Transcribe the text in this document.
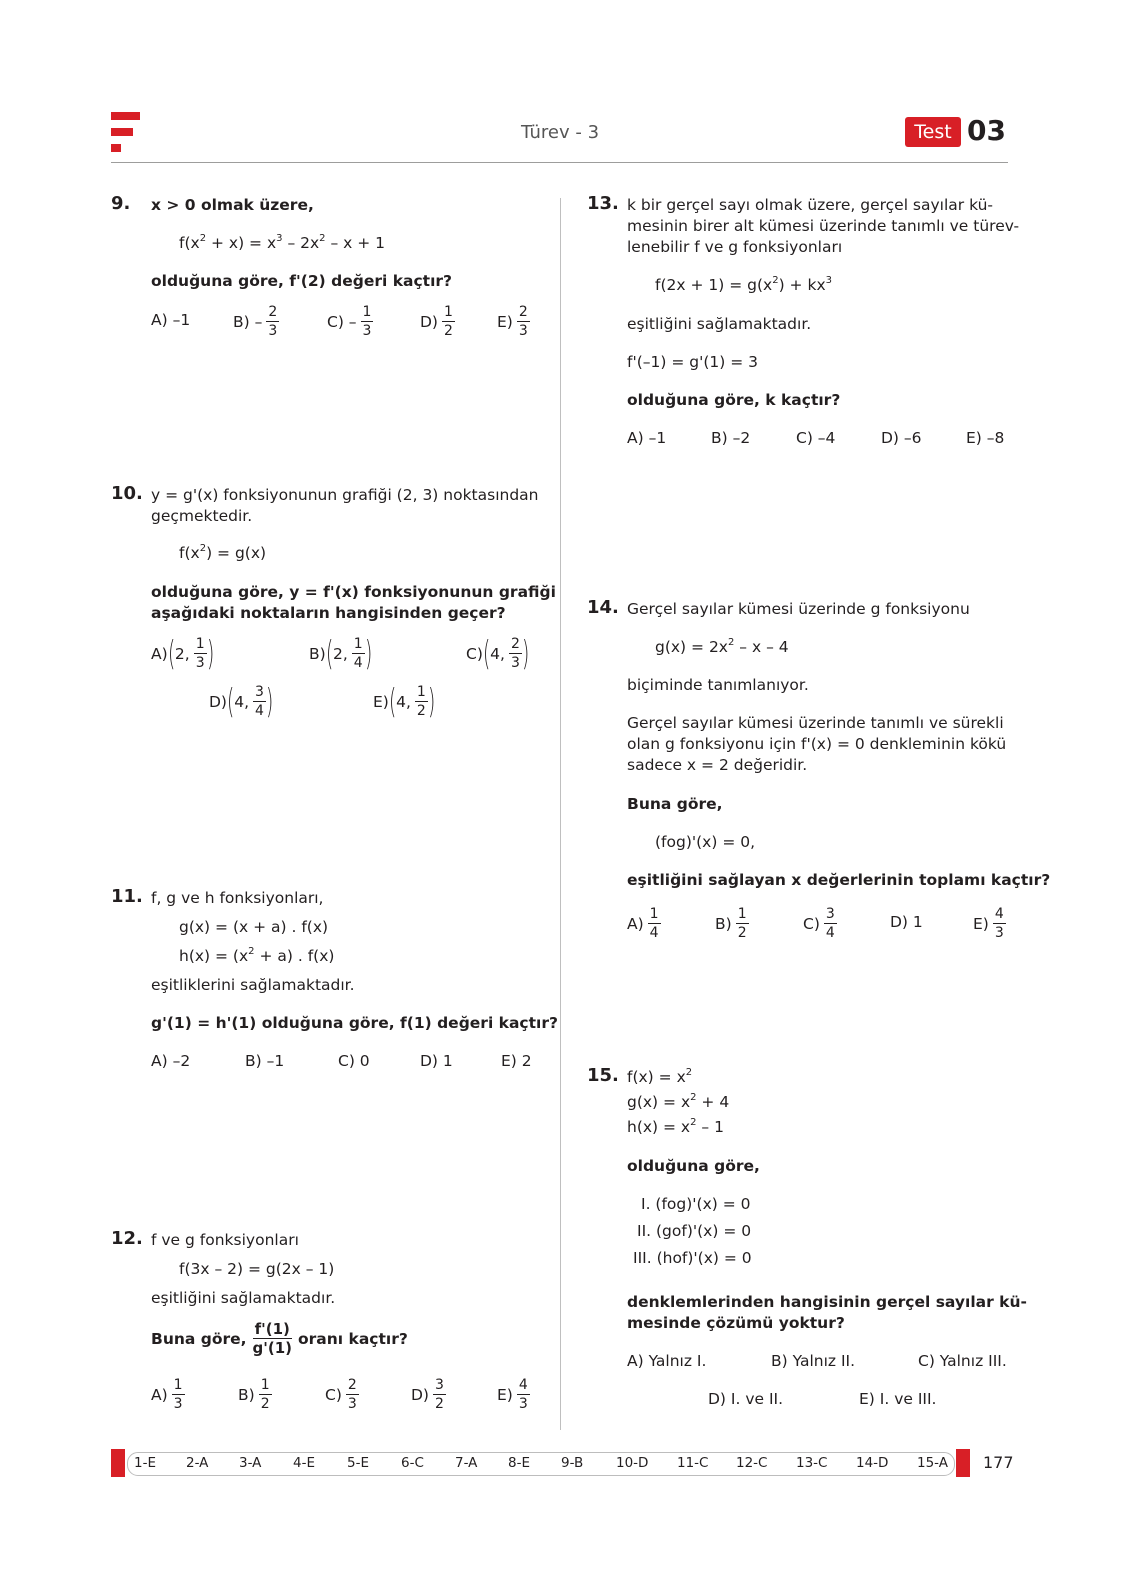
Türev - 3	Test 03
9. x > 0 olmak üzere,
$f(x^2 + x) = x^3 - 2x^2 - x + 1$
olduğuna göre, f'(2) değeri kaçtır?
A) –1	$B) - \frac{2}{3}$	$C) - \frac{1}{3}$	$D) \frac{1}{2}$	$E) \frac{2}{3}$
10. y = g'(x) fonksiyonunun grafiği (2, 3) noktasından
geçmektedir.
$f(x^2) = g(x)$
olduğuna göre, y = f'(x) fonksiyonunun grafiği
aşağıdaki noktaların hangisinden geçer?
A) ( 2, $\frac{1}{3}$ )	B) ( 2, $\frac{1}{4}$ )	C) ( 4, $\frac{2}{3}$ )
D) ( 4, $\frac{3}{4}$ )	E) ( 4, $\frac{1}{2}$ )
11. f, g ve h fonksiyonları,
g(x) = (x + a) . f(x)
$h(x) = (x^2 + a)$ . f(x)
eşitliklerini sağlamaktadır.
g'(1) = h'(1) olduğuna göre, f(1) değeri kaçtır?
A) –2	B) –1	C) 0	D) 1	E) 2
12. f ve g fonksiyonları
f(3x – 2) = g(2x – 1)
eşitliğini sağlamaktadır.
Buna göre, $\frac{f'(1)}{g'(1)}$ oranı kaçtır?
$A) \frac{1}{3}$	$B) \frac{1}{2}$	$C) \frac{2}{3}$	$D) \frac{3}{2}$	$E) \frac{4}{3}$
13. k bir gerçel sayı olmak üzere, gerçel sayılar kü-
mesinin birer alt kümesi üzerinde tanımlı ve türev-
lenebilir f ve g fonksiyonları
$f(2x + 1) = g(x^2) + kx^3$
eşitliğini sağlamaktadır.
f'(–1) = g'(1) = 3
olduğuna göre, k kaçtır?
A) –1	B) –2	C) –4	D) –6	E) –8
14. Gerçel sayılar kümesi üzerinde g fonksiyonu
$g(x) = 2x^2 - x - 4$
biçiminde tanımlanıyor.
Gerçel sayılar kümesi üzerinde tanımlı ve sürekli
olan g fonksiyonu için f'(x) = 0 denkleminin kökü
sadece x = 2 değeridir.
Buna göre,
(fog)'(x) = 0,
eşitliğini sağlayan x değerlerinin toplamı kaçtır?
$A) \frac{1}{4}$	$B) \frac{1}{2}$	$C) \frac{3}{4}$	D) 1	$E) \frac{4}{3}$
15. $f(x) = x^2$
$g(x) = x^2 + 4$
$h(x) = x^2 - 1$
olduğuna göre,
I. (fog)'(x) = 0
II. (gof)'(x) = 0
III. (hof)'(x) = 0
denklemlerinden hangisinin gerçel sayılar kü-
mesinde çözümü yoktur?
A) Yalnız I.	B) Yalnız II.	C) Yalnız III.
D) I. ve II.	E) I. ve III.
1-E 2-A 3-A 4-E 5-E 6-C 7-A 8-E 9-B 10-D 11-C 12-C 13-C 14-D 15-A 177
